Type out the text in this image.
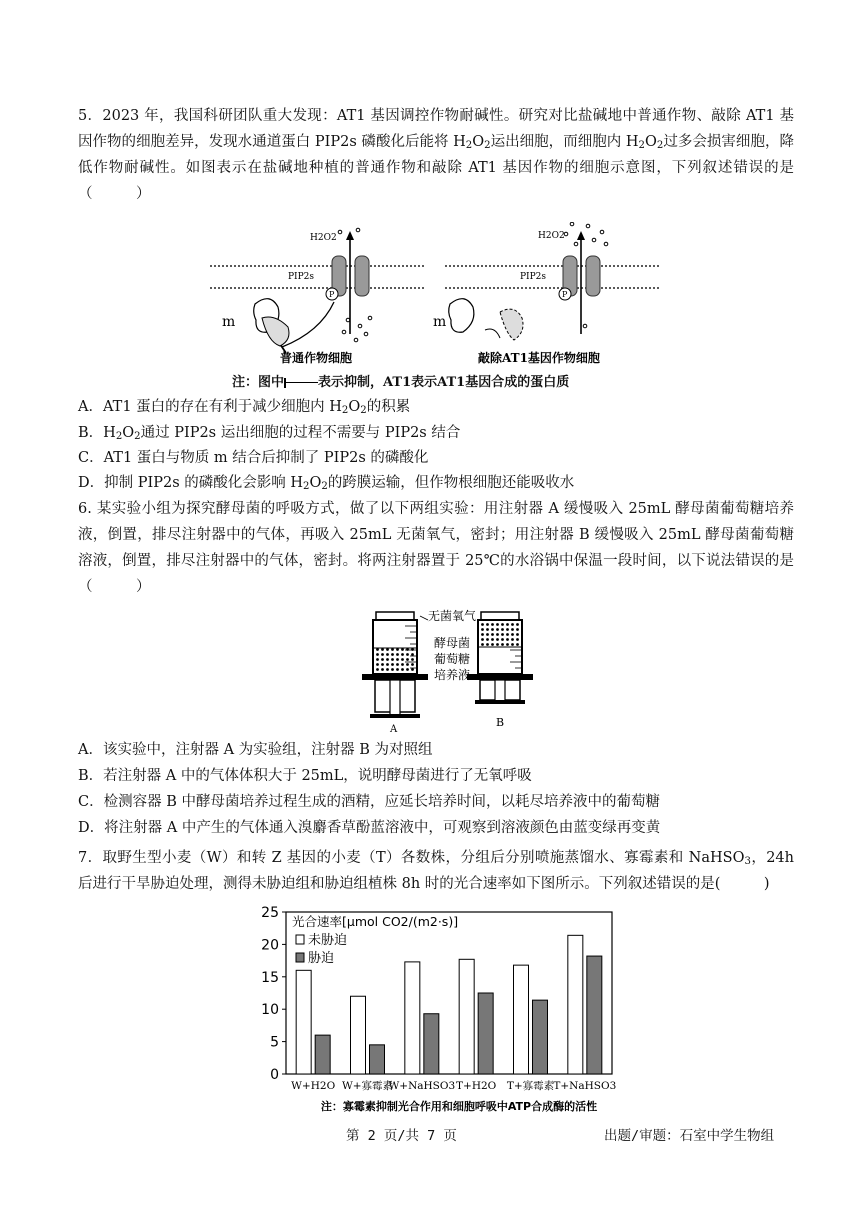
5．2023 年，我国科研团队重大发现：AT1 基因调控作物耐碱性。研究对比盐碱地中普通作物、敲除 AT1 基因作物的细胞差异，发现水通道蛋白 PIP2s 磷酸化后能将 $H_2O_2$运出细胞，而细胞内 $H_2O_2$过多会损害细胞，降低作物耐碱性。如图表示在盐碱地种植的普通作物和敲除 AT1 基因作物的细胞示意图，下列叙述错误的是（　　　）

H2O2
PIP2s
P
m
普通作物细胞
H2O2
PIP2s
P
m
敲除AT1基因作物细胞
注：图中	表示抑制，AT1表示AT1基因合成的蛋白质

A．AT1 蛋白的存在有利于减少细胞内 $H_2O_2$的积累

B．$H_2O_2$通过 PIP2s 运出细胞的过程不需要与 PIP2s 结合

C．AT1 蛋白与物质 m 结合后抑制了 PIP2s 的磷酸化

D．抑制 PIP2s 的磷酸化会影响 $H_2O_2$的跨膜运输，但作物根细胞还能吸收水

6. 某实验小组为探究酵母菌的呼吸方式，做了以下两组实验：用注射器 A 缓慢吸入 25mL 酵母菌葡萄糖培养液，倒置，排尽注射器中的气体，再吸入 25mL 无菌氧气，密封；用注射器 B 缓慢吸入 25mL 酵母菌葡萄糖溶液，倒置，排尽注射器中的气体，密封。将两注射器置于 25℃的水浴锅中保温一段时间，以下说法错误的是（　　　）

A
B
无菌氧气
酵母菌
葡萄糖
培养液

A．该实验中，注射器 A 为实验组，注射器 B 为对照组

B．若注射器 A 中的气体体积大于 25mL，说明酵母菌进行了无氧呼吸

C．检测容器 B 中酵母菌培养过程生成的酒精，应延长培养时间，以耗尽培养液中的葡萄糖

D．将注射器 A 中产生的气体通入溴麝香草酚蓝溶液中，可观察到溶液颜色由蓝变绿再变黄

7．取野生型小麦（W）和转 Z 基因的小麦（T）各数株，分组后分别喷施蒸馏水、寡霉素和 NaHSO$_3$，24h 后进行干旱胁迫处理，测得未胁迫组和胁迫组植株 8h 时的光合速率如下图所示。下列叙述错误的是(　　　)

0
5
10
15
20
25
W+H2O W+寡霉素
W+NaHSO3 T+H2O T+寡霉素 T+NaHSO3
光合速率[μmol CO2/(m2·s)]
未胁迫
胁迫
注：寡霉素抑制光合作用和细胞呼吸中ATP合成酶的活性
第 2 页/共 7 页	出题/审题：石室中学生物组
